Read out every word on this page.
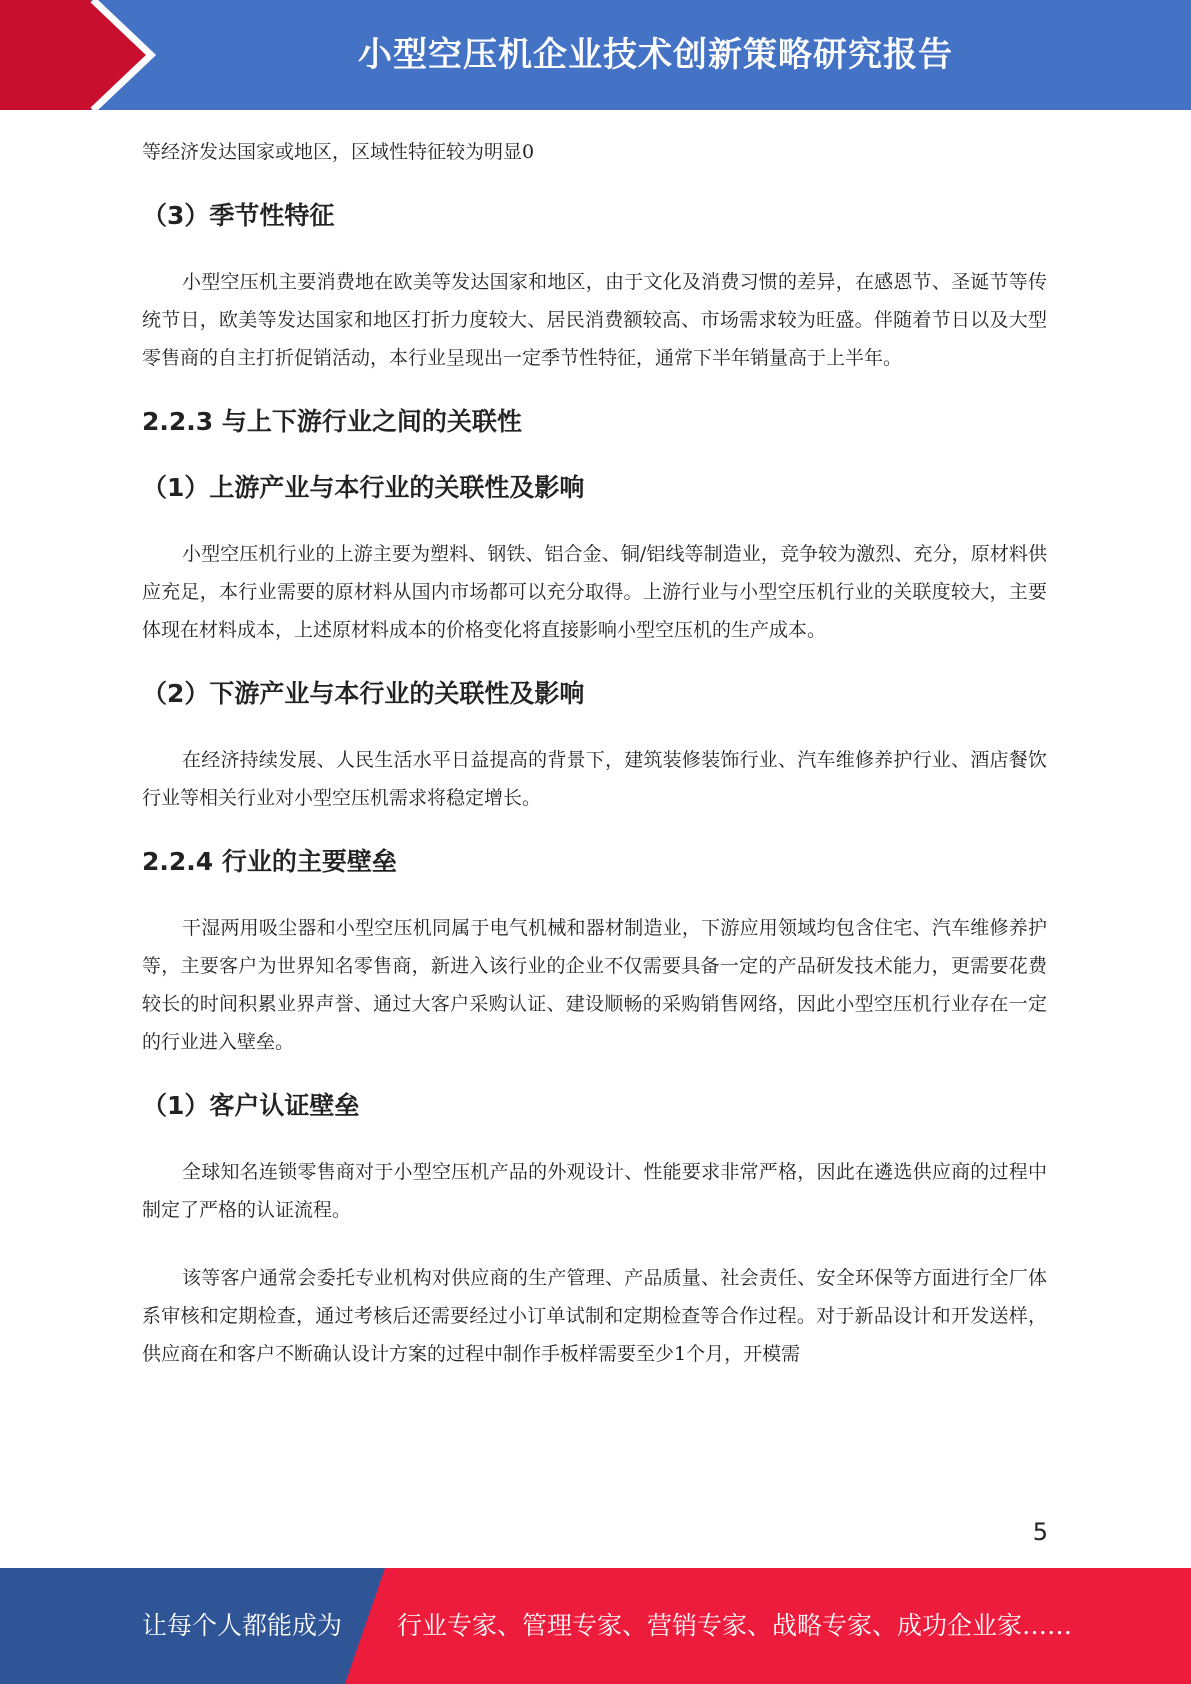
小型空压机企业技术创新策略研究报告

等经济发达国家或地区，区域性特征较为明显0

（3）季节性特征

小型空压机主要消费地在欧美等发达国家和地区，由于文化及消费习惯的差异，在感恩节、圣诞节等传统节日，欧美等发达国家和地区打折力度较大、居民消费额较高、市场需求较为旺盛。伴随着节日以及大型零售商的自主打折促销活动，本行业呈现出一定季节性特征，通常下半年销量高于上半年。

2.2.3 与上下游行业之间的关联性
（1）上游产业与本行业的关联性及影响

小型空压机行业的上游主要为塑料、钢铁、铝合金、铜/铝线等制造业，竞争较为激烈、充分，原材料供应充足，本行业需要的原材料从国内市场都可以充分取得。上游行业与小型空压机行业的关联度较大，主要体现在材料成本，上述原材料成本的价格变化将直接影响小型空压机的生产成本。

（2）下游产业与本行业的关联性及影响

在经济持续发展、人民生活水平日益提高的背景下，建筑装修装饰行业、汽车维修养护行业、酒店餐饮行业等相关行业对小型空压机需求将稳定增长。

2.2.4 行业的主要壁垒

干湿两用吸尘器和小型空压机同属于电气机械和器材制造业，下游应用领域均包含住宅、汽车维修养护等，主要客户为世界知名零售商，新进入该行业的企业不仅需要具备一定的产品研发技术能力，更需要花费较长的时间积累业界声誉、通过大客户采购认证、建设顺畅的采购销售网络，因此小型空压机行业存在一定的行业进入壁垒。

（1）客户认证壁垒

全球知名连锁零售商对于小型空压机产品的外观设计、性能要求非常严格，因此在遴选供应商的过程中制定了严格的认证流程。

该等客户通常会委托专业机构对供应商的生产管理、产品质量、社会责任、安全环保等方面进行全厂体系审核和定期检查，通过考核后还需要经过小订单试制和定期检查等合作过程。对于新品设计和开发送样，供应商在和客户不断确认设计方案的过程中制作手板样需要至少1个月，开模需

5
让每个人都能成为 行业专家、管理专家、营销专家、战略专家、成功企业家……
